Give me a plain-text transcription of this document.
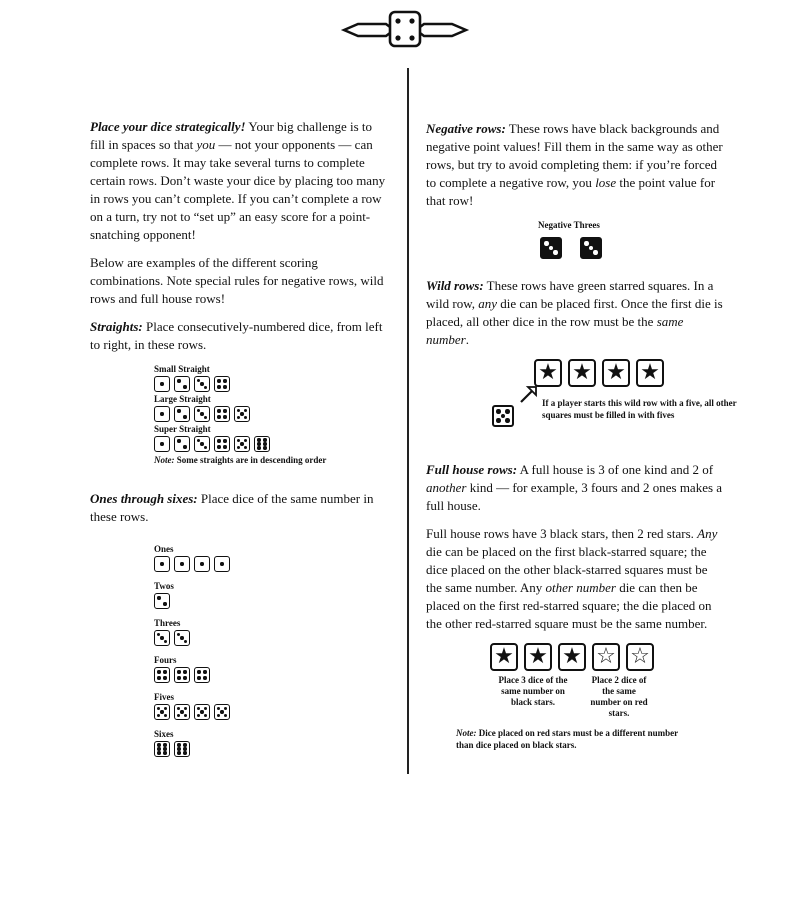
Place your dice strategically! Your big challenge is to fill in spaces so that you — not your opponents — can complete rows. It may take several turns to complete certain rows. Don’t waste your dice by placing too many in rows you can’t complete. If you can’t complete a row on a turn, try not to “set up” an easy score for a point-snatching opponent!

Below are examples of the different scoring combinations. Note special rules for negative rows, wild rows and full house rows!

Straights: Place consecutively-numbered dice, from left to right, in these rows.

Small Straight
Large Straight
Super Straight
Note: Some straights are in descending order

Ones through sixes: Place dice of the same number in these rows.

Ones
Twos
Threes
Fours
Fives
Sixes

Negative rows: These rows have black backgrounds and negative point values! Fill them in the same way as other rows, but try to avoid completing them: if you’re forced to complete a negative row, you lose the point value for that row!

Negative Threes

Wild rows: These rows have green starred squares. In a wild row, any die can be placed first. Once the first die is placed, all other dice in the row must be the same number.

★ ★ ★ ★
If a player starts this wild row with a five, all other squares must be filled in with fives

Full house rows: A full house is 3 of one kind and 2 of another kind — for example, 3 fours and 2 ones makes a full house.

Full house rows have 3 black stars, then 2 red stars. Any die can be placed on the first black-starred square; the dice placed on the other black-starred squares must be the same number. Any other number die can then be placed on the first red-starred square; the die placed on the other red-starred square must be the same number.

★ ★ ★ ☆ ☆
Place 3 dice of the same number on black stars.
Place 2 dice of the same number on red stars.
Note: Dice placed on red stars must be a different number than dice placed on black stars.
